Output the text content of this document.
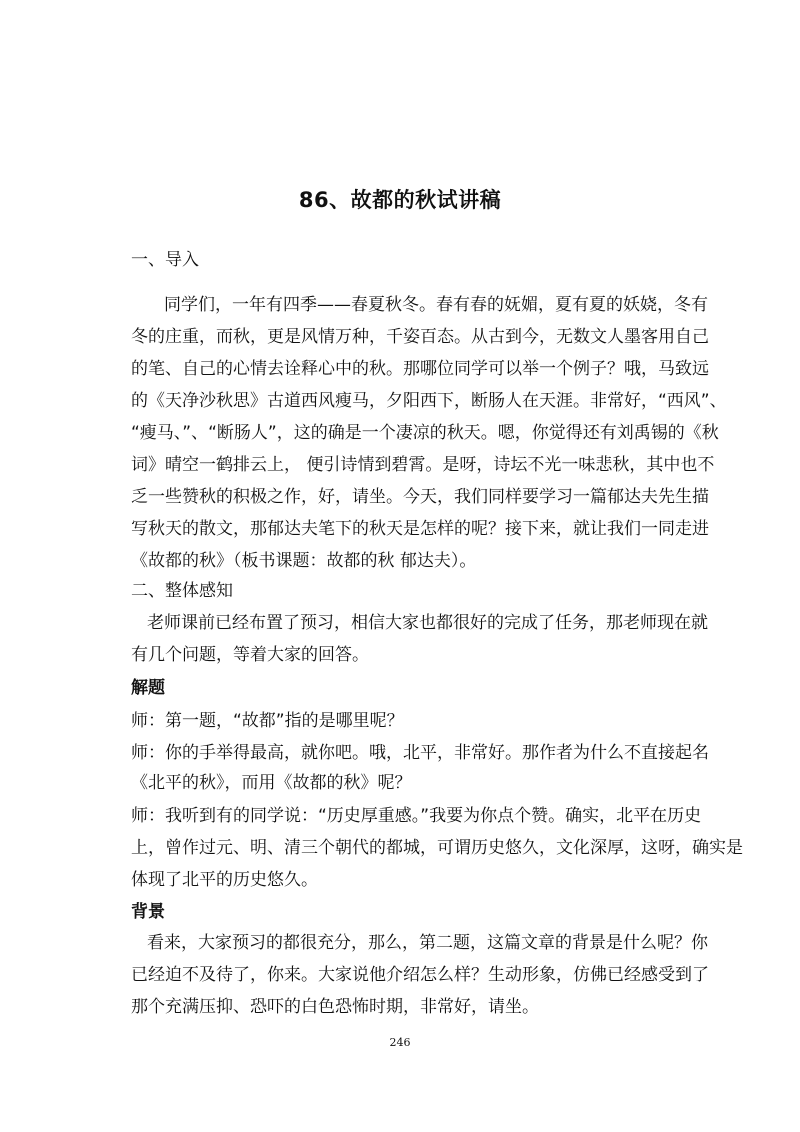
86、故都的秋试讲稿
一、导入
同学们，一年有四季——春夏秋冬。春有春的妩媚，夏有夏的妖娆，冬有
冬的庄重，而秋，更是风情万种，千姿百态。从古到今，无数文人墨客用自己
的笔、自己的心情去诠释心中的秋。那哪位同学可以举一个例子？哦，马致远
的《天净沙秋思》古道西风瘦马，夕阳西下，断肠人在天涯。非常好，“西风”、
“瘦马、”、“断肠人”，这的确是一个凄凉的秋天。嗯，你觉得还有刘禹锡的《秋
词》晴空一鹤排云上， 便引诗情到碧霄。是呀，诗坛不光一味悲秋，其中也不
乏一些赞秋的积极之作，好，请坐。今天，我们同样要学习一篇郁达夫先生描
写秋天的散文，那郁达夫笔下的秋天是怎样的呢？接下来，就让我们一同走进
《故都的秋》（板书课题：故都的秋 郁达夫）。
二、整体感知
老师课前已经布置了预习，相信大家也都很好的完成了任务，那老师现在就
有几个问题，等着大家的回答。
解题
师：第一题，“故都”指的是哪里呢？
师：你的手举得最高，就你吧。哦，北平，非常好。那作者为什么不直接起名
《北平的秋》，而用《故都的秋》呢？
师：我听到有的同学说：“历史厚重感。”我要为你点个赞。确实，北平在历史
上，曾作过元、明、清三个朝代的都城，可谓历史悠久，文化深厚，这呀，确实是
体现了北平的历史悠久。
背景
看来，大家预习的都很充分，那么，第二题，这篇文章的背景是什么呢？你
已经迫不及待了，你来。大家说他介绍怎么样？生动形象，仿佛已经感受到了
那个充满压抑、恐吓的白色恐怖时期，非常好，请坐。
246
